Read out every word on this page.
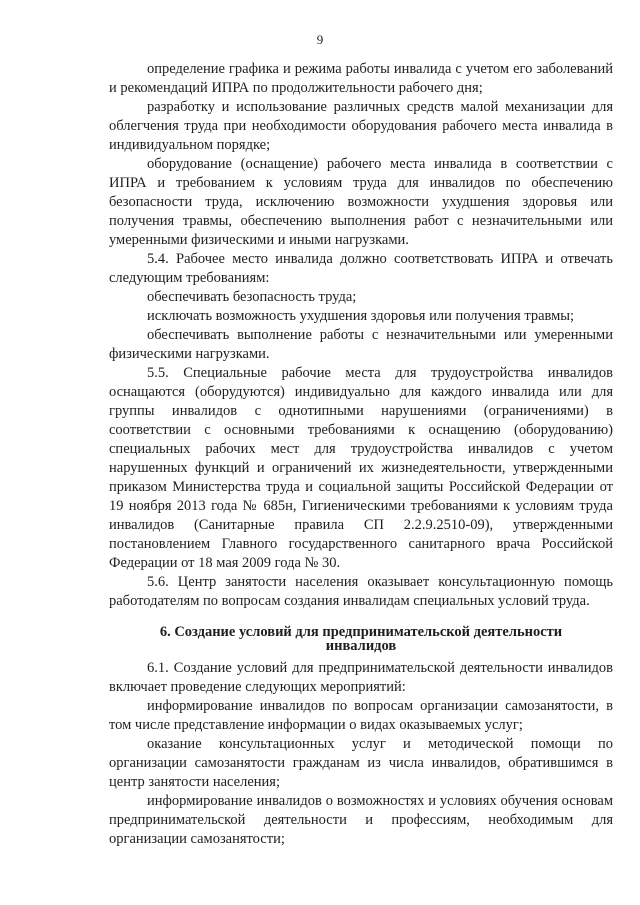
9

определение графика и режима работы инвалида с учетом его заболеваний и рекомендаций ИПРА по продолжительности рабочего дня;

разработку и использование различных средств малой механизации для облегчения труда при необходимости оборудования рабочего места инвалида в индивидуальном порядке;

оборудование (оснащение) рабочего места инвалида в соответствии с ИПРА и требованием к условиям труда для инвалидов по обеспечению безопасности труда, исключению возможности ухудшения здоровья или получения травмы, обеспечению выполнения работ с незначительными или умеренными физическими и иными нагрузками.

5.4. Рабочее место инвалида должно соответствовать ИПРА и отвечать следующим требованиям:

обеспечивать безопасность труда;

исключать возможность ухудшения здоровья или получения травмы;

обеспечивать выполнение работы с незначительными или умеренными физическими нагрузками.

5.5. Специальные рабочие места для трудоустройства инвалидов оснащаются (оборудуются) индивидуально для каждого инвалида или для группы инвалидов с однотипными нарушениями (ограничениями) в соответствии с основными требованиями к оснащению (оборудованию) специальных рабочих мест для трудоустройства инвалидов с учетом нарушенных функций и ограничений их жизнедеятельности, утвержденными приказом Министерства труда и социальной защиты Российской Федерации от 19 ноября 2013 года № 685н, Гигиеническими требованиями к условиям труда инвалидов (Санитарные правила СП 2.2.9.2510-09), утвержденными постановлением Главного государственного санитарного врача Российской Федерации от 18 мая 2009 года № 30.

5.6. Центр занятости населения оказывает консультационную помощь работодателям по вопросам создания инвалидам специальных условий труда.

6. Создание условий для предпринимательской деятельности
инвалидов

6.1. Создание условий для предпринимательской деятельности инвалидов включает проведение следующих мероприятий:

информирование инвалидов по вопросам организации самозанятости, в том числе представление информации о видах оказываемых услуг;

оказание консультационных услуг и методической помощи по организации самозанятости гражданам из числа инвалидов, обратившимся в центр занятости населения;

информирование инвалидов о возможностях и условиях обучения основам предпринимательской деятельности и профессиям, необходимым для организации самозанятости;
